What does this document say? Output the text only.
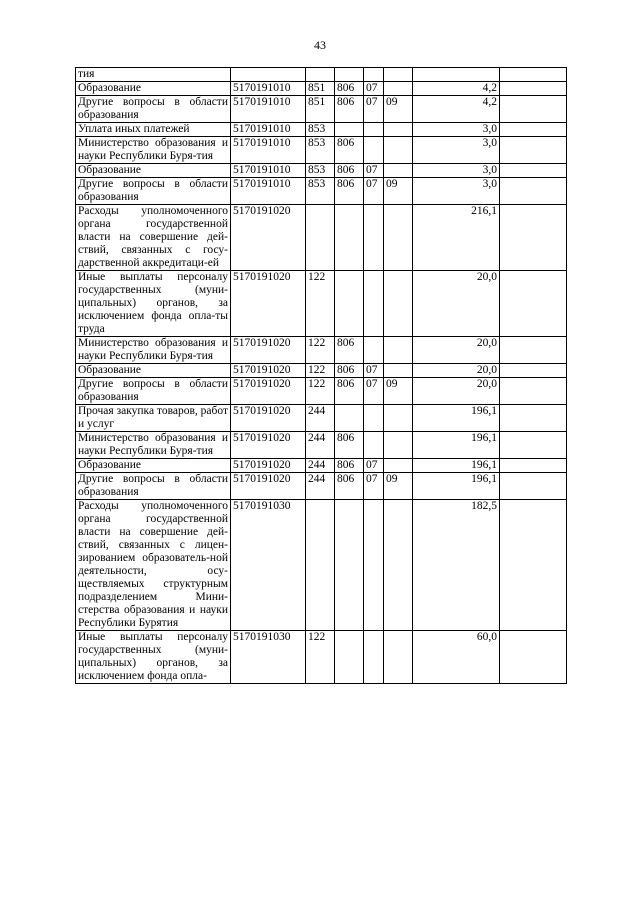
43
тия							
Образование	5170191010	851	806	07		4,2	
Другие вопросы в области образования	5170191010	851	806	07	09	4,2	
Уплата иных платежей	5170191010	853				3,0	
Министерство образования и науки Республики Буря-тия	5170191010	853	806			3,0	
Образование	5170191010	853	806	07		3,0	
Другие вопросы в области образования	5170191010	853	806	07	09	3,0	
Расходы уполномоченного органа государственной власти на совершение дей-ствий, связанных с госу-дарственной аккредитаци-ей	5170191020					216,1	
Иные выплаты персоналу государственных (муни-ципальных) органов, за исключением фонда опла-ты труда	5170191020	122				20,0	
Министерство образования и науки Республики Буря-тия	5170191020	122	806			20,0	
Образование	5170191020	122	806	07		20,0	
Другие вопросы в области образования	5170191020	122	806	07	09	20,0	
Прочая закупка товаров, работ и услуг	5170191020	244				196,1	
Министерство образования и науки Республики Буря-тия	5170191020	244	806			196,1	
Образование	5170191020	244	806	07		196,1	
Другие вопросы в области образования	5170191020	244	806	07	09	196,1	
Расходы уполномоченного органа государственной власти на совершение дей-ствий, связанных с лицен-зированием образователь-ной деятельности, осу-ществляемых структурным подразделением Мини-стерства образования и науки Республики Бурятия	5170191030					182,5	
Иные выплаты персоналу государственных (муни-ципальных) органов, за исключением фонда опла-	5170191030	122				60,0	
